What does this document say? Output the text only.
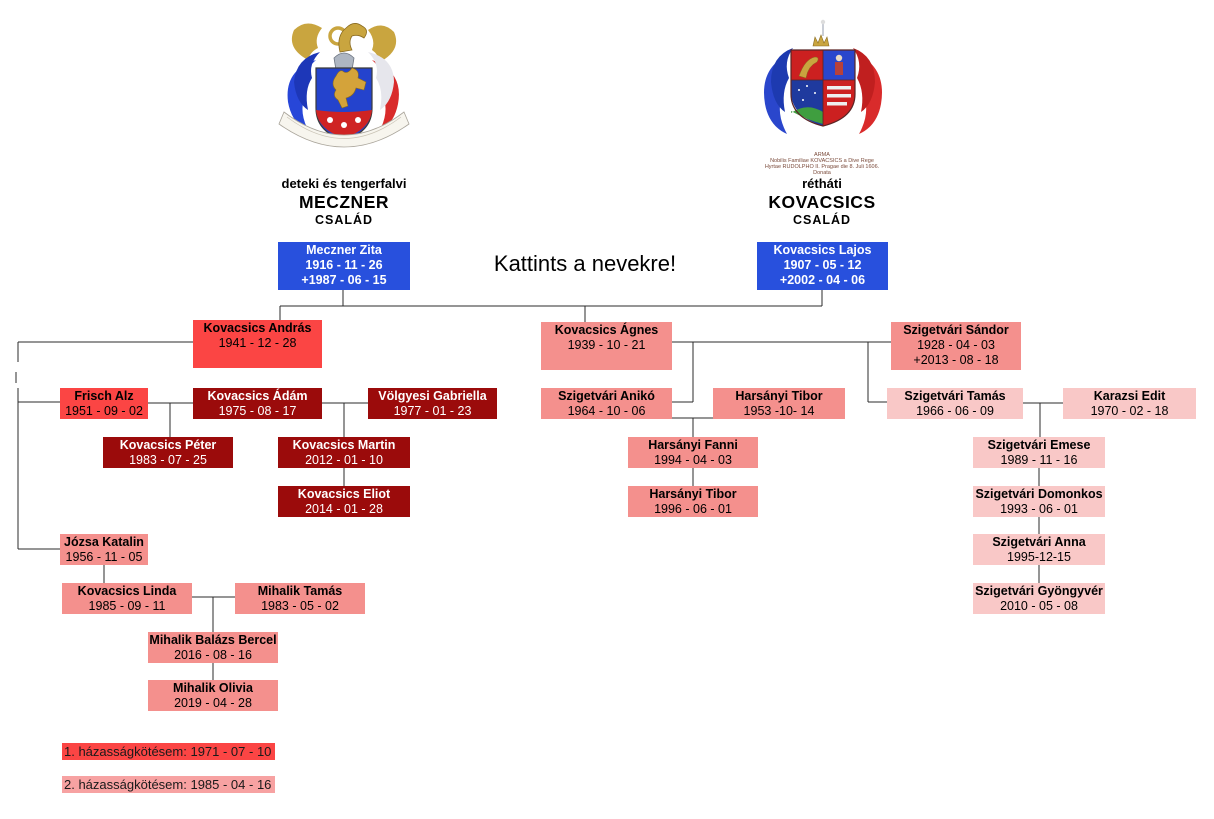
ARMA
Nobilis Familiae KOVACSICS a Dive Rege
Hyrtae RUDOLPHO II. Pragae die 8. Juli 1606.
Donata
deteki és tengerfalvi
MECZNER
CSALÁD
rétháti
KOVACSICS
CSALÁD
Kattints a nevekre!
Meczner Zita
1916 - 11 - 26
+1987 - 06 - 15
Kovacsics Lajos
1907 - 05 - 12
+2002 - 04 - 06
Kovacsics András
1941 - 12 - 28
Kovacsics Ágnes
1939 - 10 - 21
Szigetvári Sándor
1928 - 04 - 03
+2013 - 08 - 18
Frisch Alz
1951 - 09 - 02
Kovacsics Ádám
1975 - 08 - 17
Völgyesi Gabriella
1977 - 01 - 23
Szigetvári Anikó
1964 - 10 - 06
Harsányi Tibor
1953 -10- 14
Szigetvári Tamás
1966 - 06 - 09
Karazsi Edit
1970 - 02 - 18
Kovacsics Péter
1983 - 07 - 25
Kovacsics Martin
2012 - 01 - 10
Harsányi Fanni
1994 - 04 - 03
Szigetvári Emese
1989 - 11 - 16
Kovacsics Eliot
2014 - 01 - 28
Harsányi Tibor
1996 - 06 - 01
Szigetvári Domonkos
1993 - 06 - 01
Józsa Katalin
1956 - 11 - 05
Szigetvári Anna
1995-12-15
Kovacsics Linda
1985 - 09 - 11
Mihalik Tamás
1983 - 05 - 02
Szigetvári Gyöngyvér
2010 - 05 - 08
Mihalik Balázs Bercel
2016 - 08 - 16
Mihalik Olivia
2019 - 04 - 28
1. házasságkötésem: 1971 - 07 - 10
2. házasságkötésem: 1985 - 04 - 16
